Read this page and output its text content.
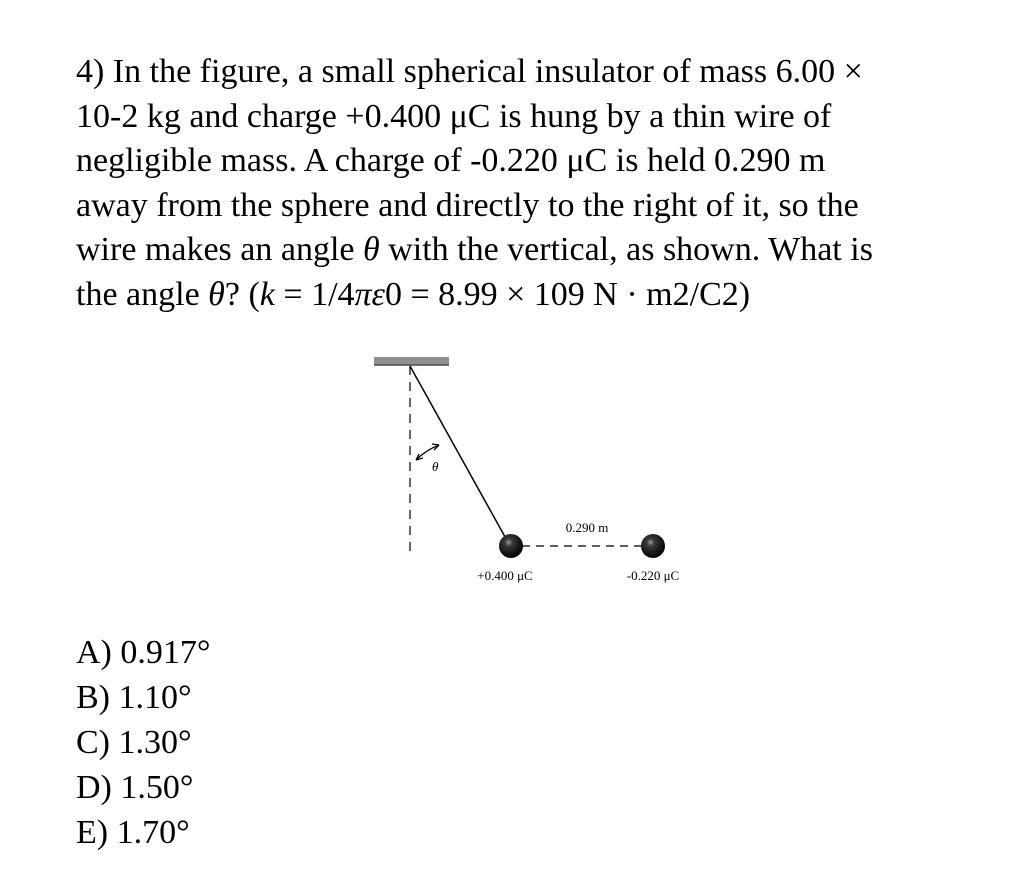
4) In the figure, a small spherical insulator of mass 6.00 ×
10-2 kg and charge +0.400 μC is hung by a thin wire of
negligible mass. A charge of -0.220 μC is held 0.290 m
away from the sphere and directly to the right of it, so the
wire makes an angle θ with the vertical, as shown. What is
the angle θ? (k = 1/4πε0 = 8.99 × 109 N · m2/C2)
θ
0.290 m
+0.400 μC	-0.220 μC
A) 0.917°
B) 1.10°
C) 1.30°
D) 1.50°
E) 1.70°
